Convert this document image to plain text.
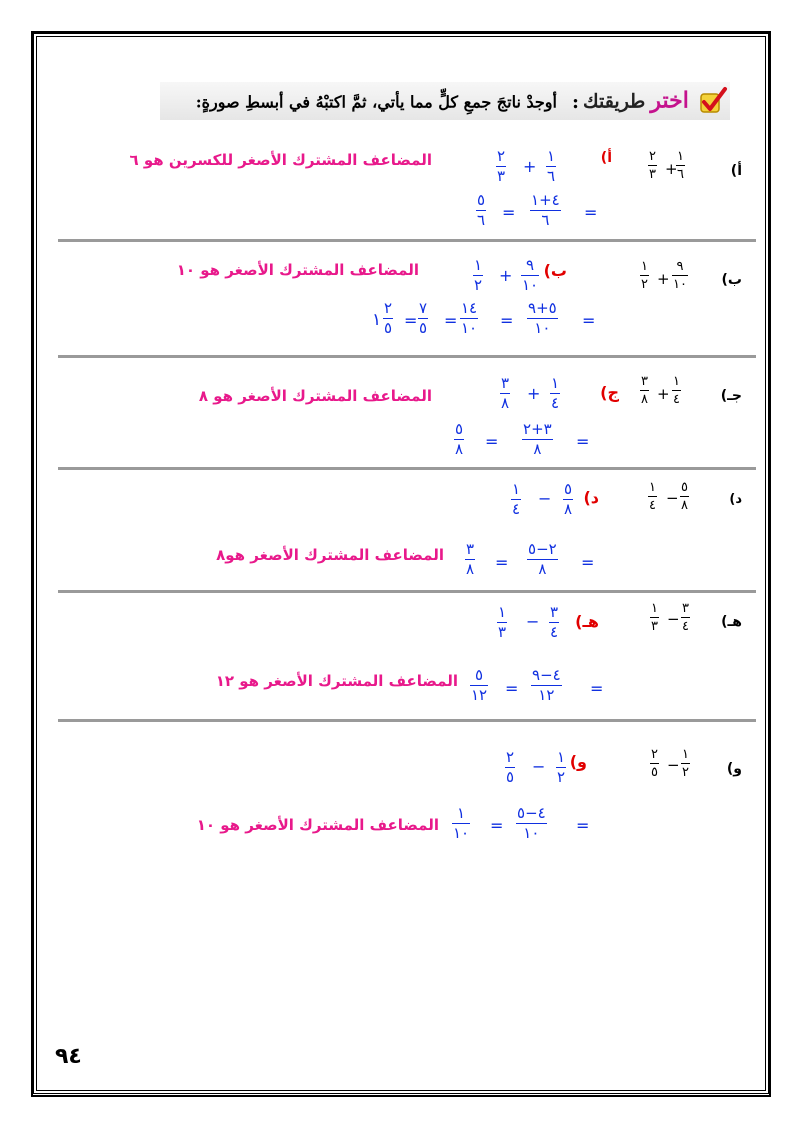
اختر طريقتك: أوجدْ ناتجَ جمعِ كلٍّ مما يأتي، ثمَّ اكتبْهُ في أبسطِ صورةٍ:
أ)
١
٦
+
٢
٣
أ)
١
٦
+
٢
٣
المضاعف المشترك الأصغر للكسرين هو ٦
=
٤+١
٦
=
٥
٦
ب)
٩
١٠
+
١
٢
ب)
٩
١٠
+
١
٢
المضاعف المشترك الأصغر هو ١٠
=
٥+٩
١٠
=
١٤
١٠
=
٧
٥
=
٢
٥
١
جـ)
١
٤
+
٣
٨
ج)
١
٤
+
٣
٨
المضاعف المشترك الأصغر هو ٨
=
٣+٢
٨
=
٥
٨
د)
٥
٨
−
١
٤
د)
٥
٨
−
١
٤
=
٢−٥
٨
=
٣
٨
المضاعف المشترك الأصغر هو٨
هـ)
٣
٤
−
١
٣
هـ)
٣
٤
−
١
٣
=
٤−٩
١٢
=
٥
١٢
المضاعف المشترك الأصغر هو ١٢
و)
١
٢
−
٢
٥
و)
١
٢
−
٢
٥
=
٤−٥
١٠
=
١
١٠
المضاعف المشترك الأصغر هو ١٠
٩٤
